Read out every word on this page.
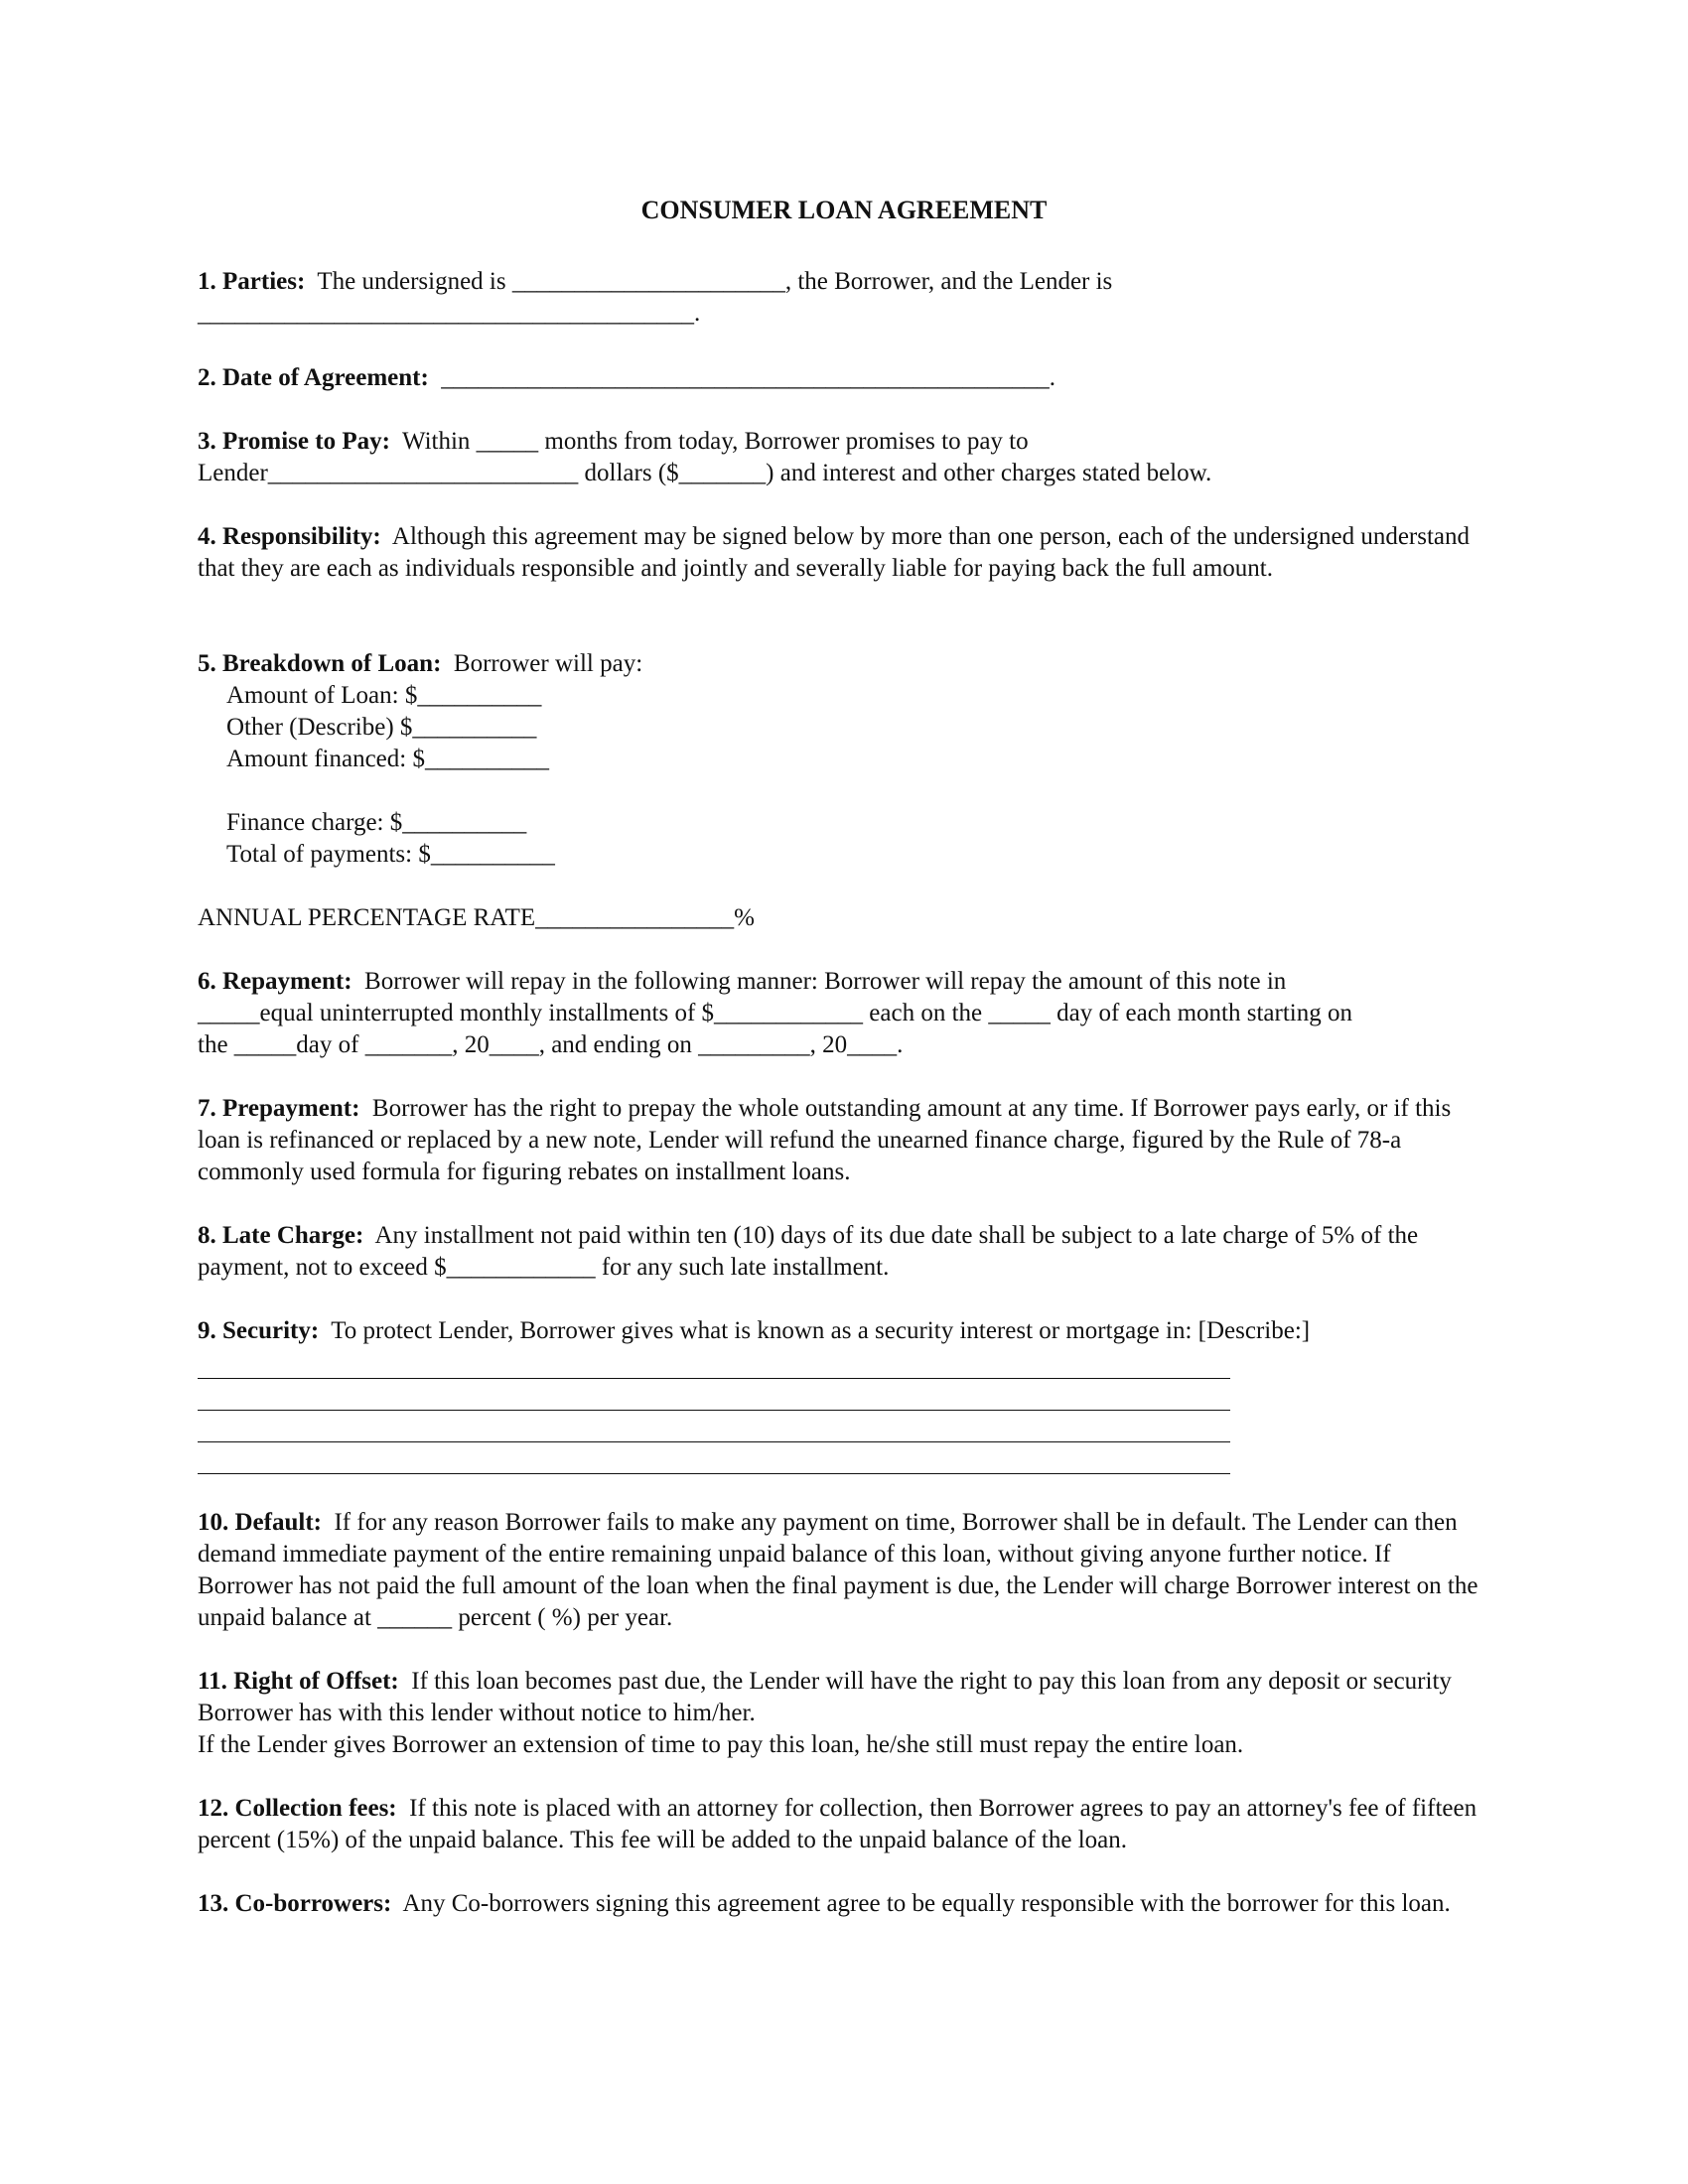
CONSUMER LOAN AGREEMENT

1. Parties: The undersigned is ______________________, the Borrower, and the Lender is

________________________________________.

2. Date of Agreement: _________________________________________________.

3. Promise to Pay: Within _____ months from today, Borrower promises to pay to

Lender_________________________ dollars ($_______) and interest and other charges stated below.

4. Responsibility: Although this agreement may be signed below by more than one person, each of the undersigned understand that they are each as individuals responsible and jointly and severally liable for paying back the full amount.

5. Breakdown of Loan: Borrower will pay:

Amount of Loan: $__________

Other (Describe) $__________

Amount financed: $__________

Finance charge: $__________

Total of payments: $__________

ANNUAL PERCENTAGE RATE________________%

6. Repayment: Borrower will repay in the following manner: Borrower will repay the amount of this note in

_____equal uninterrupted monthly installments of $____________ each on the _____ day of each month starting on

the _____day of _______, 20____, and ending on _________, 20____.

7. Prepayment: Borrower has the right to prepay the whole outstanding amount at any time. If Borrower pays early, or if this loan is refinanced or replaced by a new note, Lender will refund the unearned finance charge, figured by the Rule of 78-a commonly used formula for figuring rebates on installment loans.

8. Late Charge: Any installment not paid within ten (10) days of its due date shall be subject to a late charge of 5% of the payment, not to exceed $____________ for any such late installment.

9. Security: To protect Lender, Borrower gives what is known as a security interest or mortgage in: [Describe:]

10. Default: If for any reason Borrower fails to make any payment on time, Borrower shall be in default. The Lender can then demand immediate payment of the entire remaining unpaid balance of this loan, without giving anyone further notice. If Borrower has not paid the full amount of the loan when the final payment is due, the Lender will charge Borrower interest on the unpaid balance at ______ percent ( %) per year.

11. Right of Offset: If this loan becomes past due, the Lender will have the right to pay this loan from any deposit or security Borrower has with this lender without notice to him/her.

If the Lender gives Borrower an extension of time to pay this loan, he/she still must repay the entire loan.

12. Collection fees: If this note is placed with an attorney for collection, then Borrower agrees to pay an attorney's fee of fifteen percent (15%) of the unpaid balance. This fee will be added to the unpaid balance of the loan.

13. Co-borrowers: Any Co-borrowers signing this agreement agree to be equally responsible with the borrower for this loan.
